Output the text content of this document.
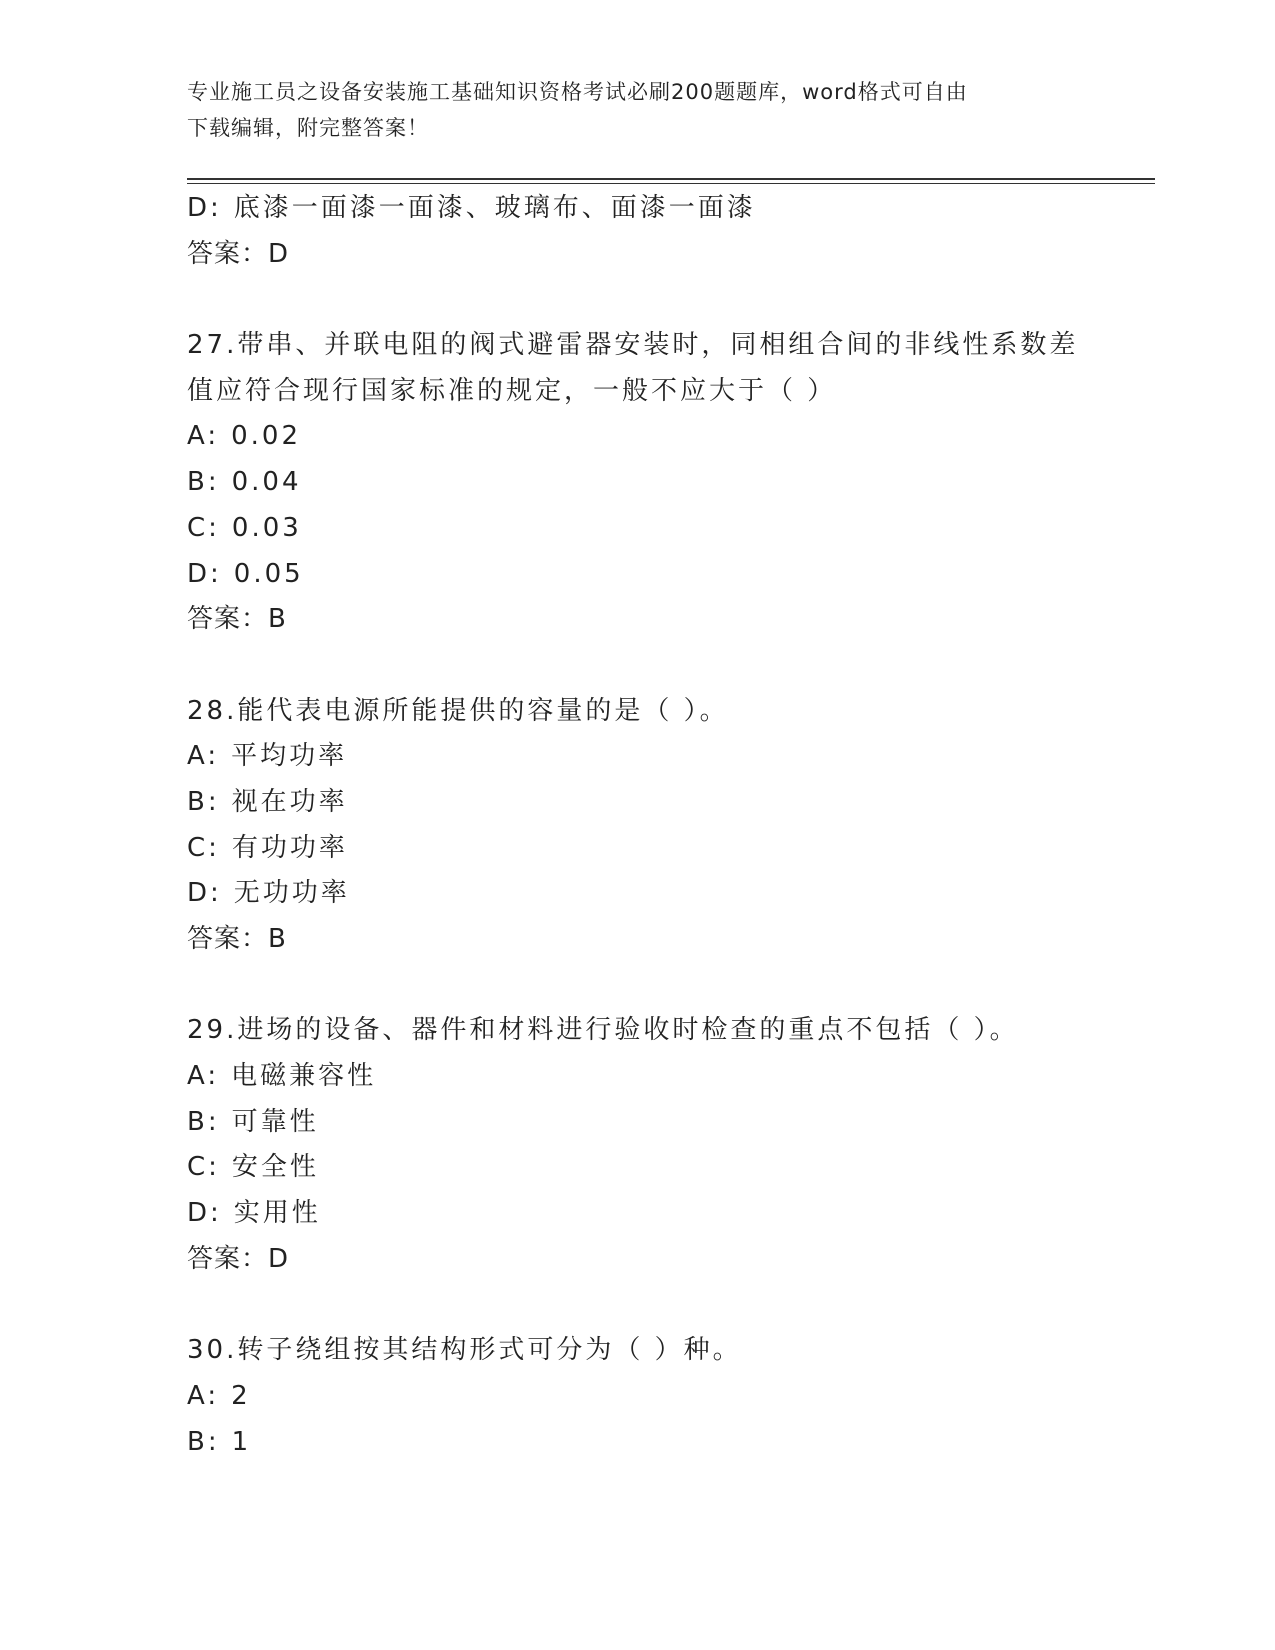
专业施工员之设备安装施工基础知识资格考试必刷200题题库，word格式可自由
下载编辑，附完整答案！
D: 底漆一面漆一面漆、玻璃布、面漆一面漆
答案：D
27.带串、并联电阻的阀式避雷器安装时，同相组合间的非线性系数差
值应符合现行国家标准的规定，一般不应大于（ ）
A: 0.02
B: 0.04
C: 0.03
D: 0.05
答案：B
28.能代表电源所能提供的容量的是（ ）。
A: 平均功率
B: 视在功率
C: 有功功率
D: 无功功率
答案：B
29.进场的设备、器件和材料进行验收时检查的重点不包括（ ）。
A: 电磁兼容性
B: 可靠性
C: 安全性
D: 实用性
答案：D
30.转子绕组按其结构形式可分为（ ）种。
A: 2
B: 1
